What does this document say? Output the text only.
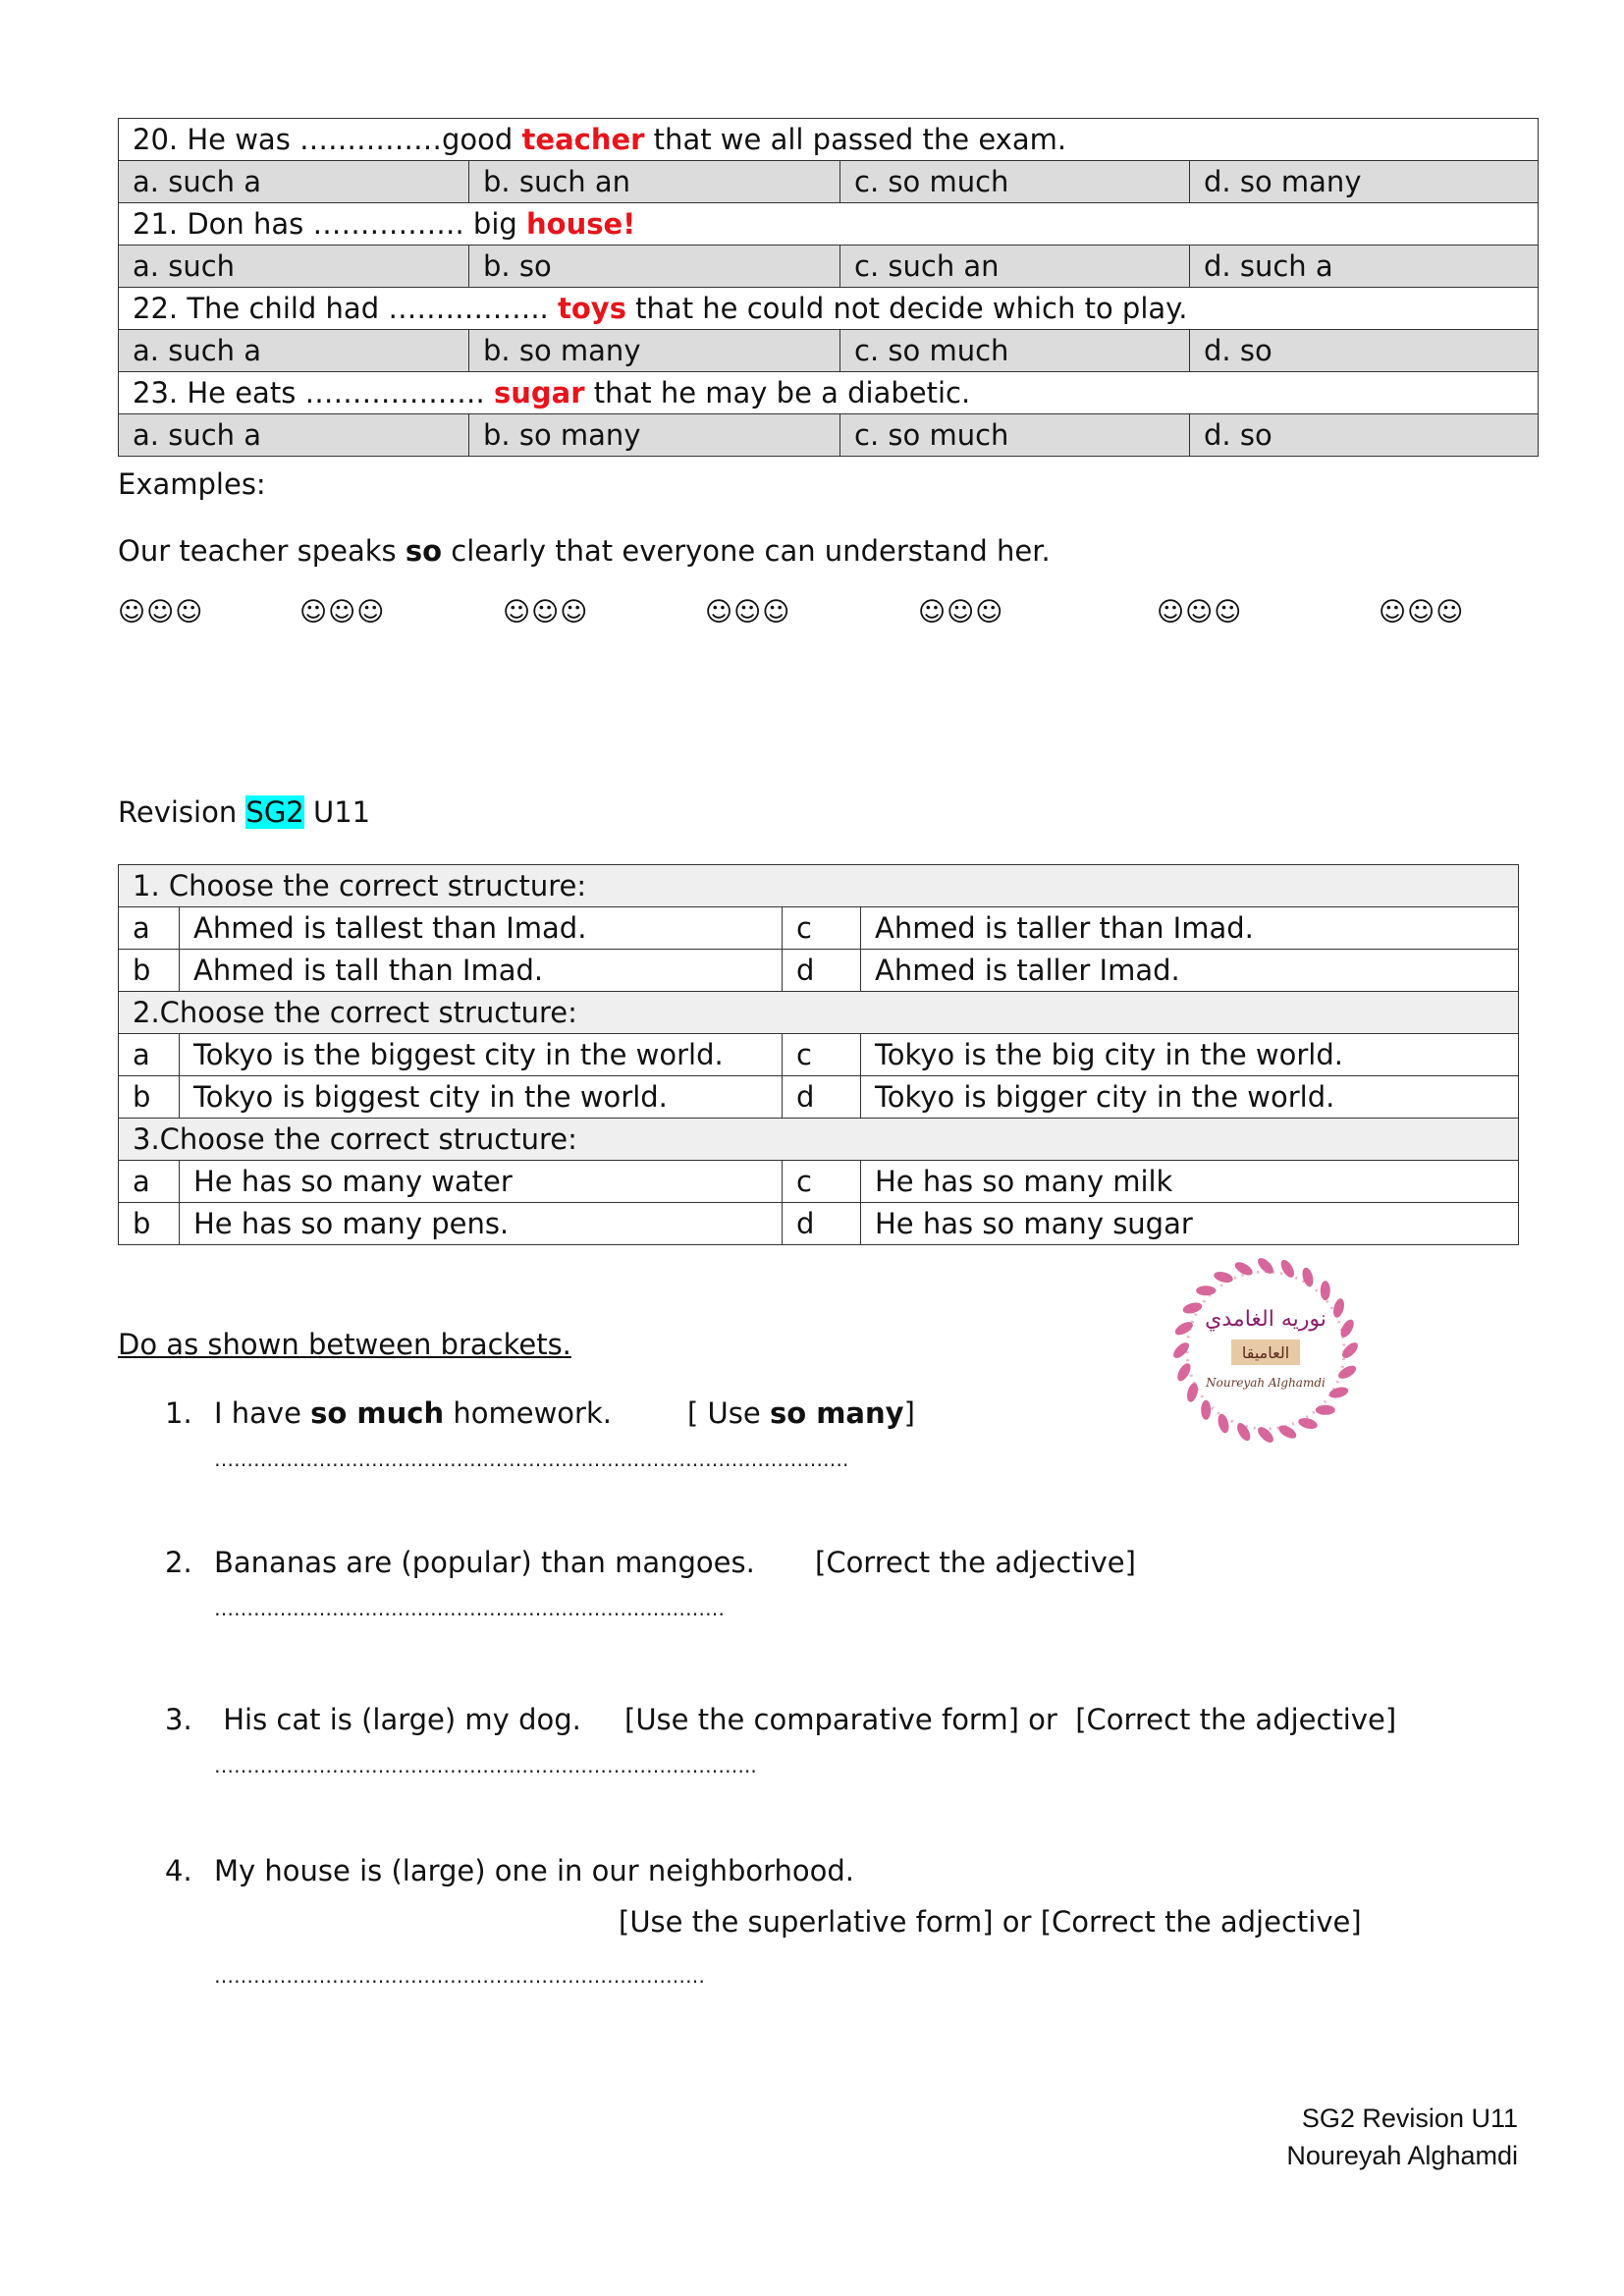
20. He was ……………good teacher that we all passed the exam.			
a. such a	b. such an	c. so much	d. so many
21. Don has ……………. big house!			
a. such	b. so	c. such an	d. such a
22. The child had …………….. toys that he could not decide which to play.			
a. such a	b. so many	c. so much	d. so
23. He eats ………………. sugar that he may be a diabetic.			
a. such a	b. so many	c. so much	d. so
Examples:
Our teacher speaks so clearly that everyone can understand her.
☺☺☺	☺☺☺	☺☺☺	☺☺☺	☺☺☺	☺☺☺	☺☺☺
Revision SG2 U11
1. Choose the correct structure:			
a	Ahmed is tallest than Imad.	c	Ahmed is taller than Imad.
b	Ahmed is tall than Imad.	d	Ahmed is taller Imad.
2.Choose the correct structure:			
a	Tokyo is the biggest city in the world.	c	Tokyo is the big city in the world.
b	Tokyo is biggest city in the world.	d	Tokyo is bigger city in the world.
3.Choose the correct structure:			
a	He has so many water	c	He has so many milk
b	He has so many pens.	d	He has so many sugar
Do as shown between brackets.
1. I have so much homework.	[ Use so many]
…………………………………………………………………………………….
2. Bananas are (popular) than mangoes. [Correct the adjective]
……………………………………………………………………
3. His cat is (large) my dog. [Use the comparative form] or  [Correct the adjective]
………………………………………………………………………..
4. My house is (large) one in our neighborhood.
[Use the superlative form] or [Correct the adjective]
…………………………………………………………………
نوريه الغامدي
العاميقا
Noureyah Alghamdi
SG2 Revision U11
Noureyah Alghamdi
